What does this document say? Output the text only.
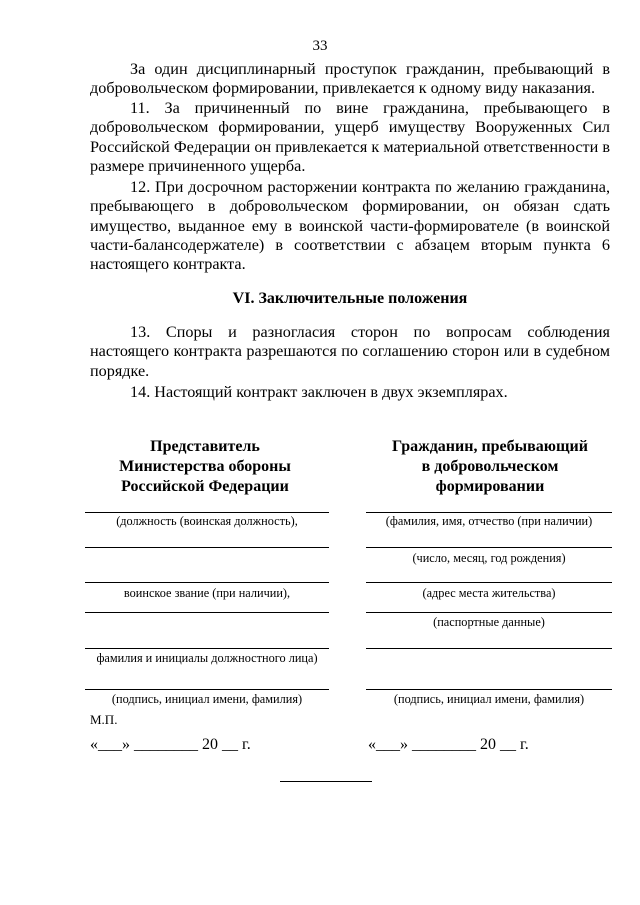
33
За один дисциплинарный проступок гражданин, пребывающий в добровольческом формировании, привлекается к одному виду наказания.
11. За причиненный по вине гражданина, пребывающего в добровольческом формировании, ущерб имуществу Вооруженных Сил Российской Федерации он привлекается к материальной ответственности в размере причиненного ущерба.
12. При досрочном расторжении контракта по желанию гражданина, пребывающего в добровольческом формировании, он обязан сдать имущество, выданное ему в воинской части-формирователе (в воинской части-балансодержателе) в соответствии с абзацем вторым пункта 6 настоящего контракта.
VI. Заключительные положения
13. Споры и разногласия сторон по вопросам соблюдения настоящего контракта разрешаются по соглашению сторон или в судебном порядке.
14. Настоящий контракт заключен в двух экземплярах.
Представитель
Министерства обороны
Российской Федерации
(должность (воинская должность),
воинское звание (при наличии),
фамилия и инициалы должностного лица)
(подпись, инициал имени, фамилия)
М.П.
«___» ________ 20 __ г.
Гражданин, пребывающий
в добровольческом
формировании
(фамилия, имя, отчество (при наличии)
(число, месяц, год рождения)
(адрес места жительства)
(паспортные данные)
(подпись, инициал имени, фамилия)
«___» ________ 20 __ г.
